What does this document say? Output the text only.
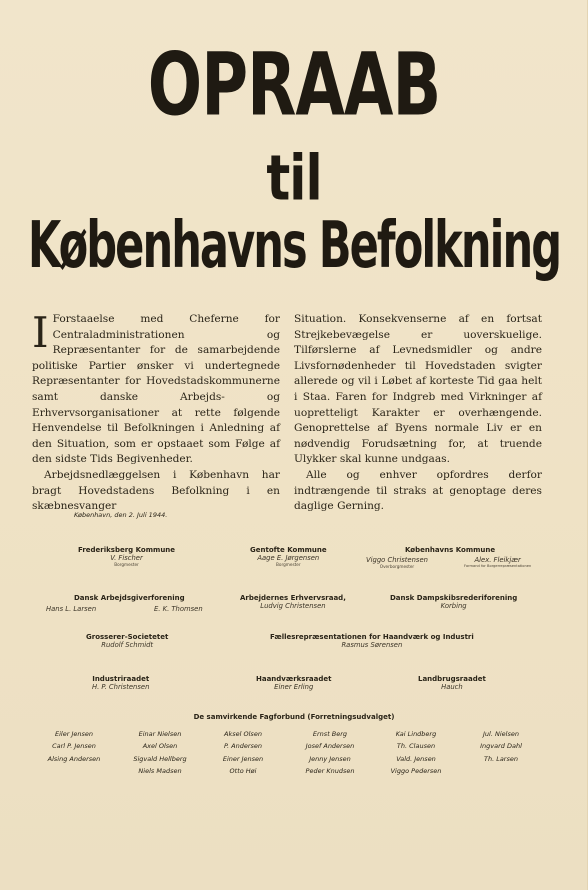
OPRAAB
til
Københavns Befolkning

I Forstaaelse med Cheferne for Centraladministrationen og Repræsentanter for de samarbejdende politiske Partier ønsker vi undertegnede Repræsentanter for Hovedstadskommunerne samt danske Arbejds- og Erhvervsorganisationer at rette følgende Henvendelse til Befolkningen i Anledning af den Situation, som er opstaaet som Følge af den sidste Tids Begivenheder.

Arbejdsnedlæggelsen i København har bragt Hovedstadens Befolkning i en skæbnesvanger

Situation. Konsekvenserne af en fortsat Strejkebevægelse er uoverskuelige. Tilførslerne af Levnedsmidler og andre Livsfornødenheder til Hovedstaden svigter allerede og vil i Løbet af korteste Tid gaa helt i Staa. Faren for Indgreb med Virkninger af uopretteligt Karakter er overhængende. Genoprettelse af Byens normale Liv er en nødvendig Forudsætning for, at truende Ulykker skal kunne undgaas.

Alle og enhver opfordres derfor indtrængende til straks at genoptage deres daglige Gerning.

København, den 2. Juli 1944.
Frederiksberg Kommune
V. Fischer
Borgmester
Gentofte Kommune
Aage E. Jørgensen
Borgmester
Københavns Kommune
Viggo Christensen
Overborgmester
Alex. Fleikjær
Formand for Borgerrepræsentationen
Dansk Arbejdsgiverforening
Hans L. Larsen	E. K. Thomsen
Arbejdernes Erhvervsraad,
Ludvig Christensen
Dansk Dampskibsrederiforening
Korbing
Grosserer-Societetet
Rudolf Schmidt
Fællesrepræsentationen for Haandværk og Industri
Rasmus Sørensen
Industriraadet
H. P. Christensen
Haandværksraadet
Einer Erling
Landbrugsraadet
Hauch
De samvirkende Fagforbund (Forretningsudvalget)
Eiler Jensen
Carl P. Jensen
Alsing Andersen
Einar Nielsen
Axel Olsen
Sigvald Hellberg
Niels Madsen
Aksel Olsen
P. Andersen
Einer Jensen
Otto Høi
Ernst Berg
Josef Andersen
Jenny Jensen
Peder Knudsen
Kai Lindberg
Th. Clausen
Vald. Jensen
Viggo Pedersen
Jul. Nielsen
Ingvard Dahl
Th. Larsen
